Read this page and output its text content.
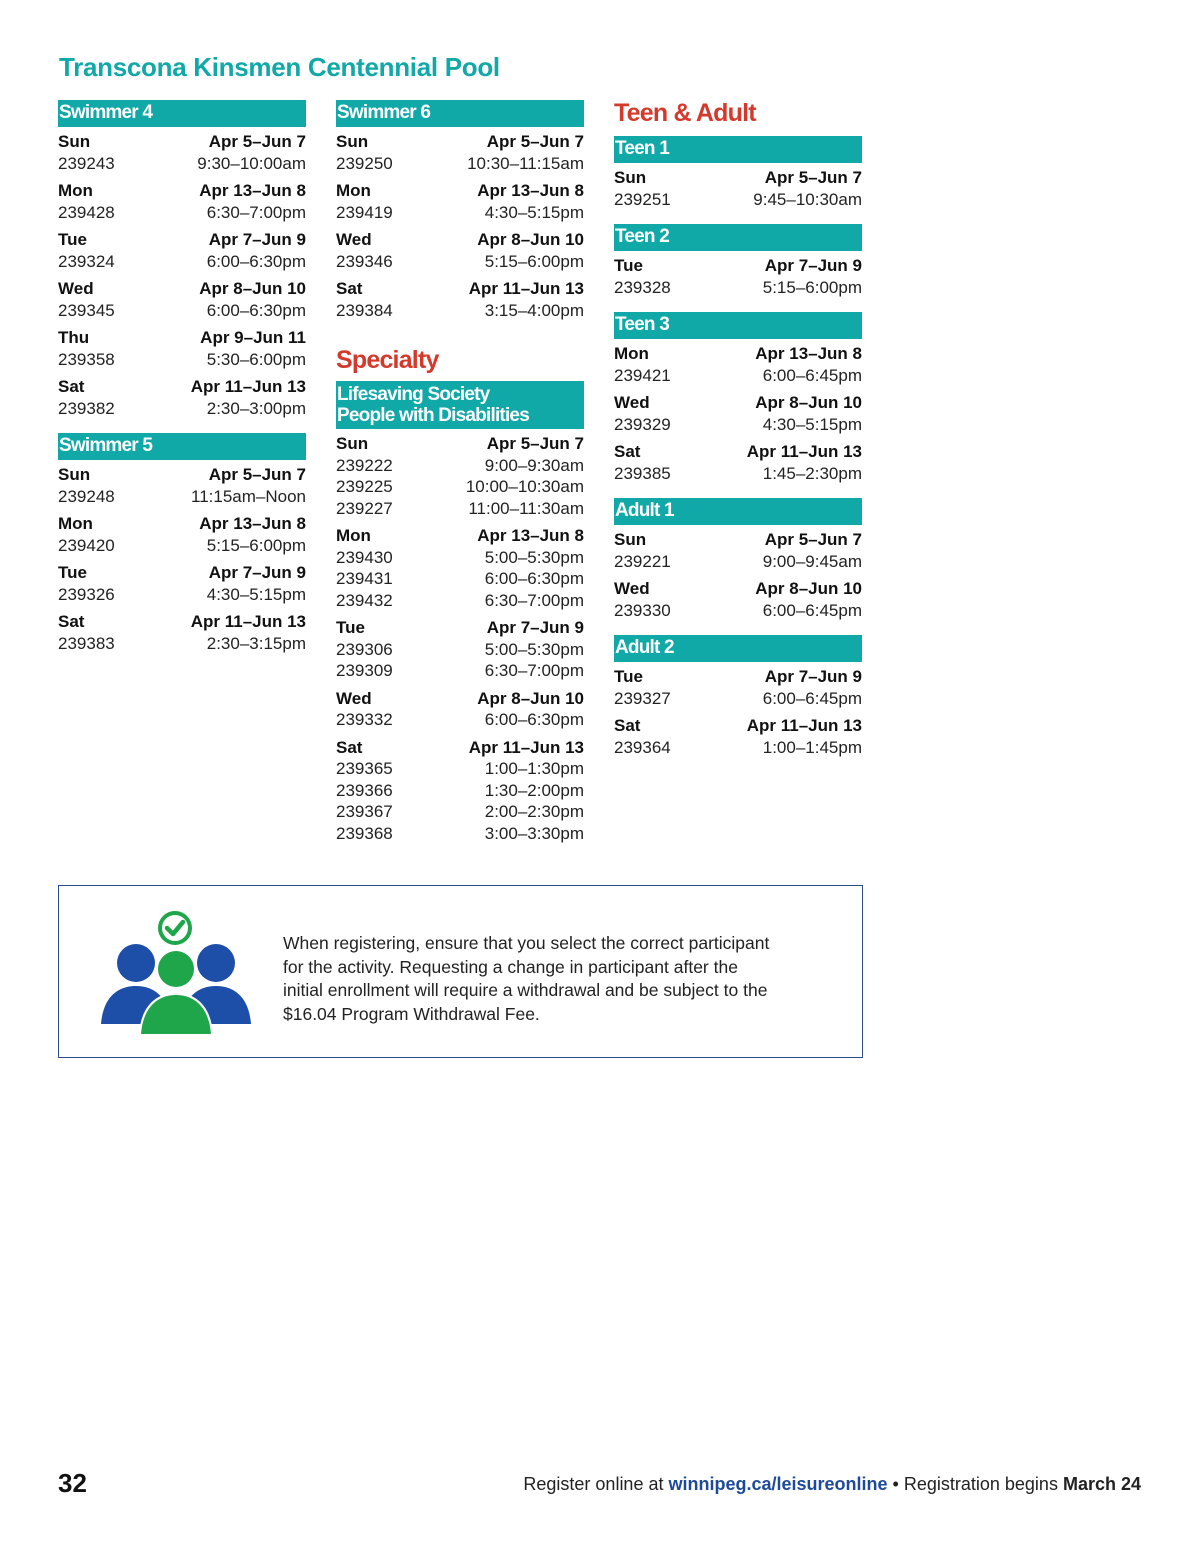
Transcona Kinsmen Centennial Pool
Swimmer 4
Sun	Apr 5–Jun 7
239243	9:30–10:00am
Mon	Apr 13–Jun 8
239428	6:30–7:00pm
Tue	Apr 7–Jun 9
239324	6:00–6:30pm
Wed	Apr 8–Jun 10
239345	6:00–6:30pm
Thu	Apr 9–Jun 11
239358	5:30–6:00pm
Sat	Apr 11–Jun 13
239382	2:30–3:00pm
Swimmer 5
Sun	Apr 5–Jun 7
239248	11:15am–Noon
Mon	Apr 13–Jun 8
239420	5:15–6:00pm
Tue	Apr 7–Jun 9
239326	4:30–5:15pm
Sat	Apr 11–Jun 13
239383	2:30–3:15pm
Swimmer 6
Sun	Apr 5–Jun 7
239250	10:30–11:15am
Mon	Apr 13–Jun 8
239419	4:30–5:15pm
Wed	Apr 8–Jun 10
239346	5:15–6:00pm
Sat	Apr 11–Jun 13
239384	3:15–4:00pm
Specialty
Lifesaving Society
People with Disabilities
Sun	Apr 5–Jun 7
239222	9:00–9:30am
239225	10:00–10:30am
239227	11:00–11:30am
Mon	Apr 13–Jun 8
239430	5:00–5:30pm
239431	6:00–6:30pm
239432	6:30–7:00pm
Tue	Apr 7–Jun 9
239306	5:00–5:30pm
239309	6:30–7:00pm
Wed	Apr 8–Jun 10
239332	6:00–6:30pm
Sat	Apr 11–Jun 13
239365	1:00–1:30pm
239366	1:30–2:00pm
239367	2:00–2:30pm
239368	3:00–3:30pm
Teen & Adult
Teen 1
Sun	Apr 5–Jun 7
239251	9:45–10:30am
Teen 2
Tue	Apr 7–Jun 9
239328	5:15–6:00pm
Teen 3
Mon	Apr 13–Jun 8
239421	6:00–6:45pm
Wed	Apr 8–Jun 10
239329	4:30–5:15pm
Sat	Apr 11–Jun 13
239385	1:45–2:30pm
Adult 1
Sun	Apr 5–Jun 7
239221	9:00–9:45am
Wed	Apr 8–Jun 10
239330	6:00–6:45pm
Adult 2
Tue	Apr 7–Jun 9
239327	6:00–6:45pm
Sat	Apr 11–Jun 13
239364	1:00–1:45pm
When registering, ensure that you select the correct participant
for the activity. Requesting a change in participant after the
initial enrollment will require a withdrawal and be subject to the
$16.04 Program Withdrawal Fee.
32	Register online at winnipeg.ca/leisureonline • Registration begins March 24
